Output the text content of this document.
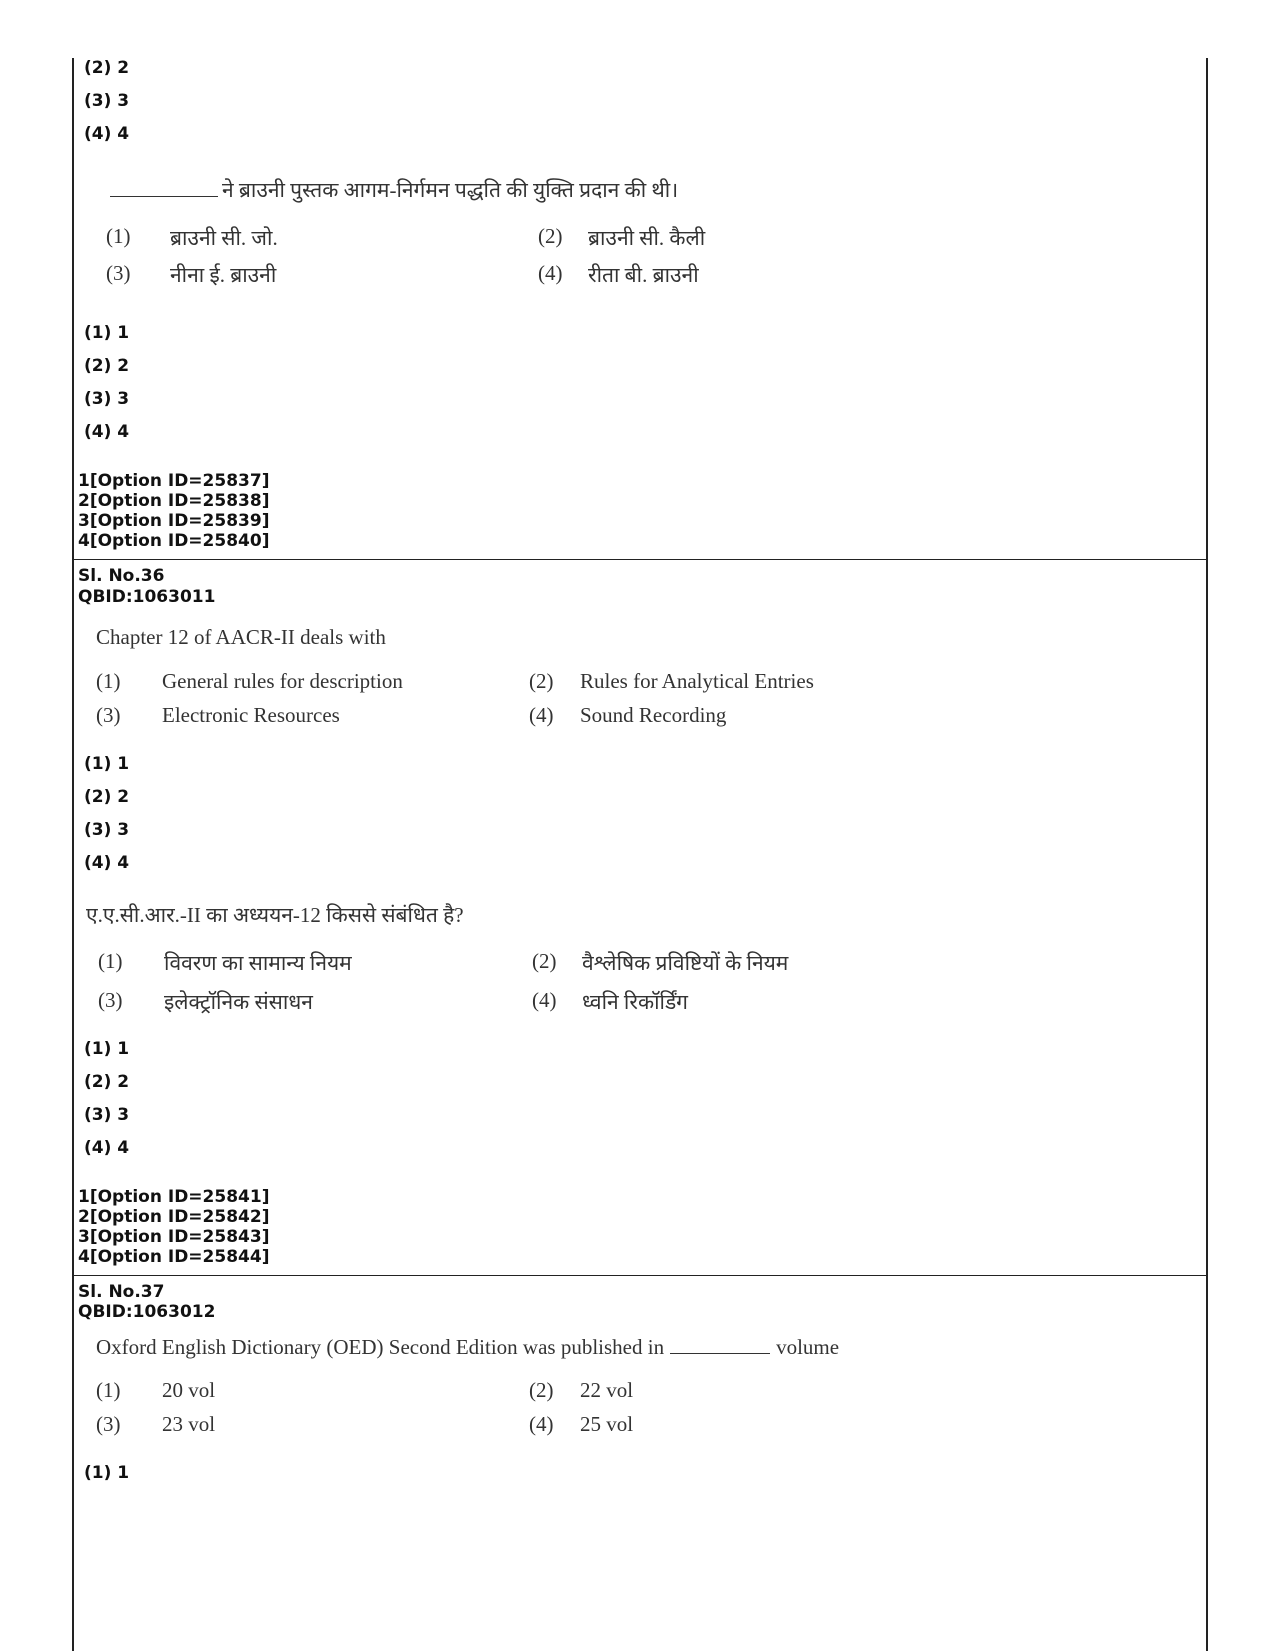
(2) 2
(3) 3
(4) 4
ने ब्राउनी पुस्तक आगम-निर्गमन पद्धति की युक्ति प्रदान की थी।
(1) ब्राउनी सी. जो.	(2) ब्राउनी सी. कैली
(3) नीना ई. ब्राउनी	(4) रीता बी. ब्राउनी
(1) 1
(2) 2
(3) 3
(4) 4
1[Option ID=25837]
2[Option ID=25838]
3[Option ID=25839]
4[Option ID=25840]
Sl. No.36
QBID:1063011
Chapter 12 of AACR-II deals with
(1) General rules for description	(2) Rules for Analytical Entries
(3) Electronic Resources	(4) Sound Recording
(1) 1
(2) 2
(3) 3
(4) 4
ए.ए.सी.आर.-II का अध्ययन-12 किससे संबंधित है?
(1) विवरण का सामान्य नियम	(2) वैश्लेषिक प्रविष्टियों के नियम
(3) इलेक्ट्रॉनिक संसाधन	(4) ध्वनि रिकॉर्डिंग
(1) 1
(2) 2
(3) 3
(4) 4
1[Option ID=25841]
2[Option ID=25842]
3[Option ID=25843]
4[Option ID=25844]
Sl. No.37
QBID:1063012
Oxford English Dictionary (OED) Second Edition was published in	volume
(1) 20 vol	(2) 22 vol
(3) 23 vol	(4) 25 vol
(1) 1
